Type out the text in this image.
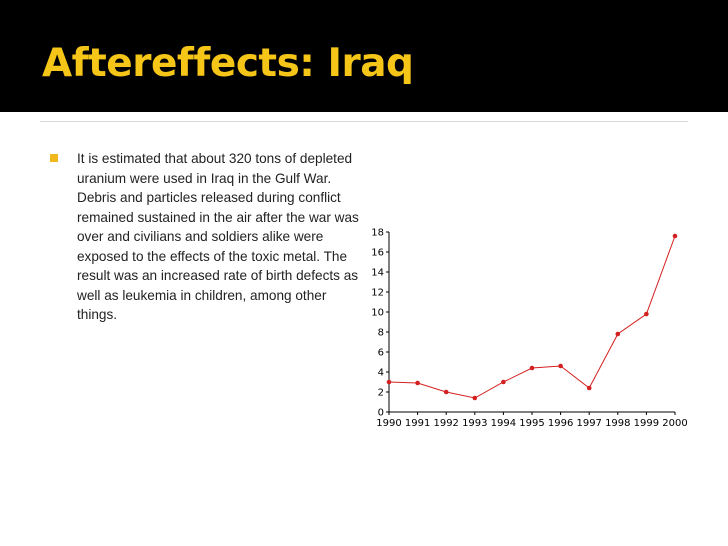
Aftereffects: Iraq

It is estimated that about 320 tons of depleted uranium were used in Iraq in the Gulf War. Debris and particles released during conflict remained sustained in the air after the war was over and civilians and soldiers alike were exposed to the effects of the toxic metal. The result was an increased rate of birth defects as well as leukemia in children, among other things.

0
2
4
6
8
10
12
14
16
18
1990 1991 1992 1993 1994 1995 1996 1997 1998 1999 2000
